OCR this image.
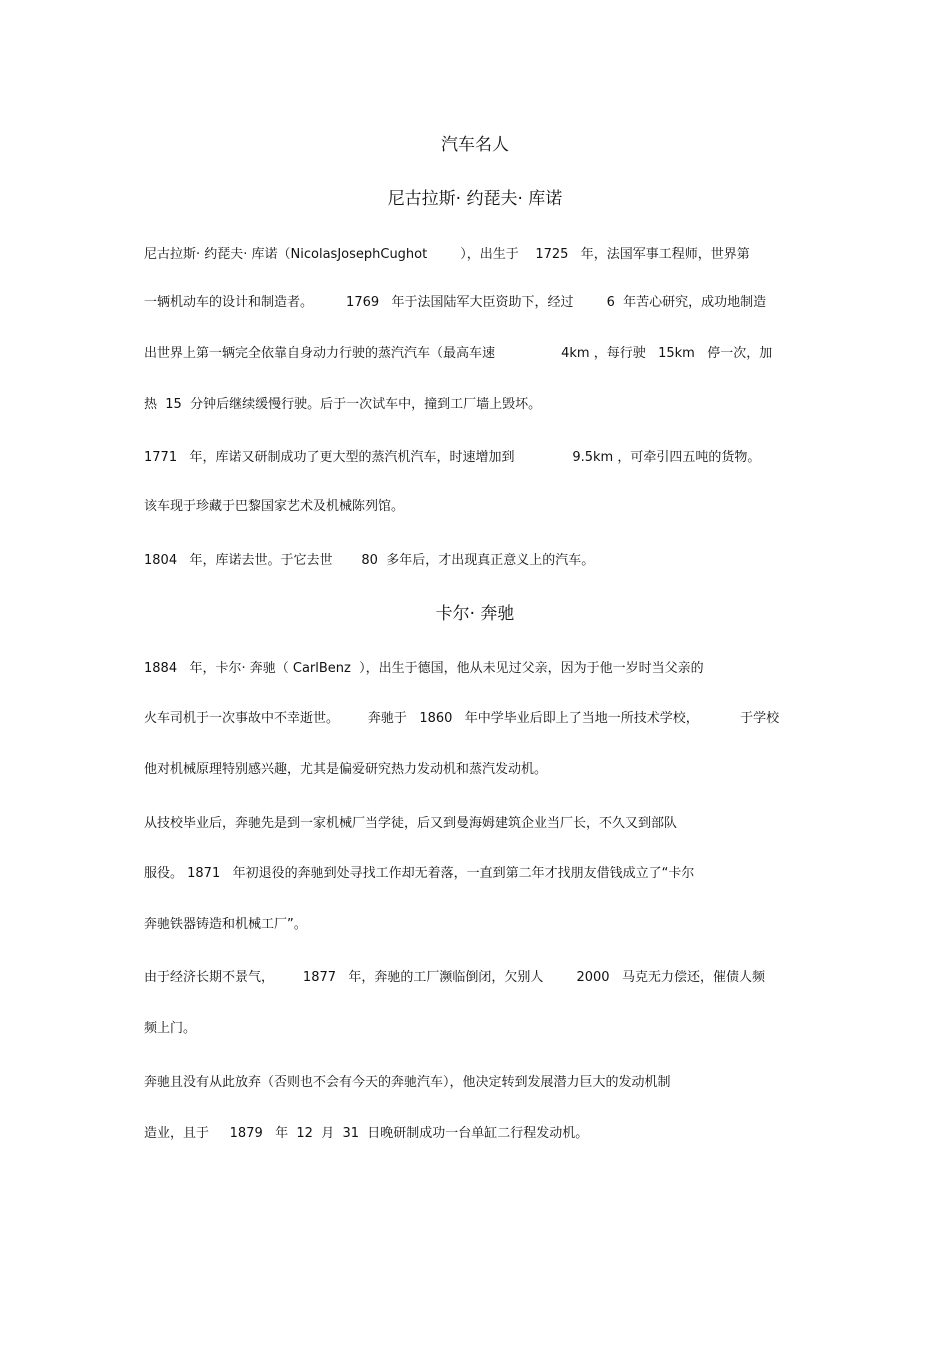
汽车名人
尼古拉斯· 约琵夫· 库诺
尼古拉斯· 约琵夫· 库诺（NicolasJosephCughot        ），出生于    1725   年，法国军事工程师，世界第
一辆机动车的设计和制造者。        1769   年于法国陆军大臣资助下，经过        6  年苦心研究，成功地制造
出世界上第一辆完全依靠自身动力行驶的蒸汽汽车（最高车速                4km ，每行驶   15km   停一次，加
热  15  分钟后继续缓慢行驶。后于一次试车中，撞到工厂墙上毁坏。
1771   年，库诺又研制成功了更大型的蒸汽机汽车，时速增加到              9.5km ，可牵引四五吨的货物。
该车现于珍藏于巴黎国家艺术及机械陈列馆。
1804   年，库诺去世。于它去世       80  多年后，才出现真正意义上的汽车。
卡尔· 奔驰
1884   年，卡尔· 奔驰（ CarlBenz  ），出生于德国，他从未见过父亲，因为于他一岁时当父亲的
火车司机于一次事故中不幸逝世。       奔驰于   1860   年中学毕业后即上了当地一所技术学校，          于学校
他对机械原理特别感兴趣，尤其是偏爱研究热力发动机和蒸汽发动机。
从技校毕业后，奔驰先是到一家机械厂当学徒，后又到曼海姆建筑企业当厂长，不久又到部队
服役。 1871   年初退役的奔驰到处寻找工作却无着落，一直到第二年才找朋友借钱成立了“卡尔
奔驰铁器铸造和机械工厂”。
由于经济长期不景气，       1877   年，奔驰的工厂濒临倒闭，欠别人        2000   马克无力偿还，催债人频
频上门。
奔驰且没有从此放弃（否则也不会有今天的奔驰汽车），他决定转到发展潜力巨大的发动机制
造业，且于     1879   年  12  月  31  日晚研制成功一台单缸二行程发动机。
